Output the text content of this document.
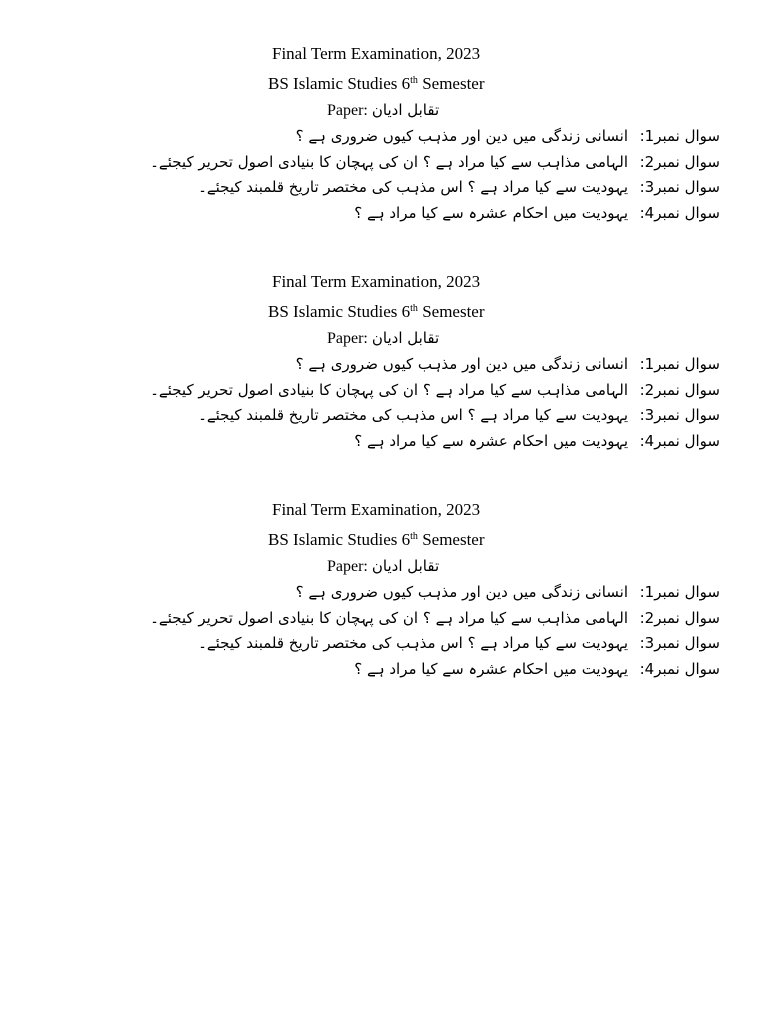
Final Term Examination, 2023
BS Islamic Studies 6th Semester
Paper: تقابل ادیان
سوال نمبر1:
انسانی زندگی میں دین اور مذہب کیوں ضروری ہے ؟
سوال نمبر2:
الہامی مذاہب سے کیا مراد ہے ؟ ان کی پہچان کا بنیادی اصول تحریر کیجئے۔
سوال نمبر3:
یہودیت سے کیا مراد ہے ؟ اس مذہب کی مختصر تاریخ قلمبند کیجئے۔
سوال نمبر4:
یہودیت میں احکام عشرہ سے کیا مراد ہے ؟
Final Term Examination, 2023
BS Islamic Studies 6th Semester
Paper: تقابل ادیان
سوال نمبر1:
انسانی زندگی میں دین اور مذہب کیوں ضروری ہے ؟
سوال نمبر2:
الہامی مذاہب سے کیا مراد ہے ؟ ان کی پہچان کا بنیادی اصول تحریر کیجئے۔
سوال نمبر3:
یہودیت سے کیا مراد ہے ؟ اس مذہب کی مختصر تاریخ قلمبند کیجئے۔
سوال نمبر4:
یہودیت میں احکام عشرہ سے کیا مراد ہے ؟
Final Term Examination, 2023
BS Islamic Studies 6th Semester
Paper: تقابل ادیان
سوال نمبر1:
انسانی زندگی میں دین اور مذہب کیوں ضروری ہے ؟
سوال نمبر2:
الہامی مذاہب سے کیا مراد ہے ؟ ان کی پہچان کا بنیادی اصول تحریر کیجئے۔
سوال نمبر3:
یہودیت سے کیا مراد ہے ؟ اس مذہب کی مختصر تاریخ قلمبند کیجئے۔
سوال نمبر4:
یہودیت میں احکام عشرہ سے کیا مراد ہے ؟
